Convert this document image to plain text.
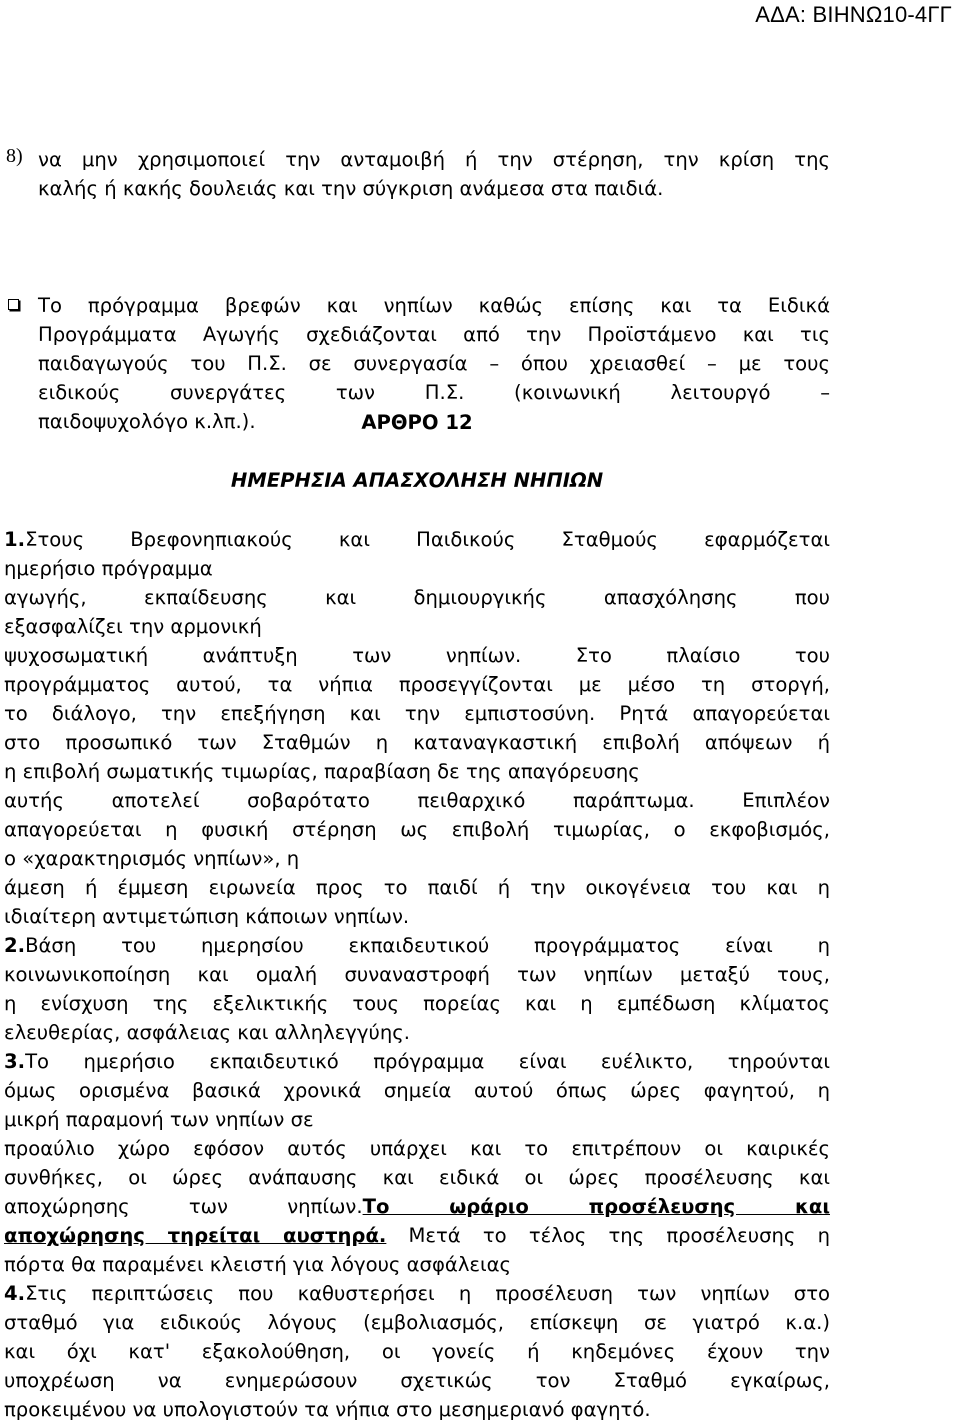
ΑΔΑ: ΒΙΗΝΩ10-4ΓΓ
8) να μην χρησιμοποιεί την ανταμοιβή ή την στέρηση, την κρίση της
καλής ή κακής δουλειάς και την σύγκριση ανάμεσα στα παιδιά.
Το πρόγραμμα βρεφών και νηπίων καθώς επίσης και τα Ειδικά
Προγράμματα Αγωγής σχεδιάζονται από την Προϊστάμενο και τις
παιδαγωγούς του Π.Σ. σε συνεργασία – όπου χρειασθεί – με τους
ειδικούς συνεργάτες των Π.Σ. (κοινωνική λειτουργό –
παιδοψυχολόγο κ.λπ.).	ΑΡΘΡΟ 12
ΗΜΕΡΗΣΙΑ ΑΠΑΣΧΟΛΗΣΗ ΝΗΠΙΩΝ
1.Στους Βρεφονηπιακούς και Παιδικούς Σταθμούς εφαρμόζεται
ημερήσιο πρόγραμμα
αγωγής, εκπαίδευσης και δημιουργικής απασχόλησης που
εξασφαλίζει την αρμονική
ψυχοσωματική ανάπτυξη των νηπίων. Στο πλαίσιο του
προγράμματος αυτού, τα νήπια προσεγγίζονται με μέσο τη στοργή,
το διάλογο, την επεξήγηση και την εμπιστοσύνη. Ρητά απαγορεύεται
στο προσωπικό των Σταθμών η καταναγκαστική επιβολή απόψεων ή
η επιβολή σωματικής τιμωρίας, παραβίαση δε της απαγόρευσης
αυτής αποτελεί σοβαρότατο πειθαρχικό παράπτωμα. Επιπλέον
απαγορεύεται η φυσική στέρηση ως επιβολή τιμωρίας, ο εκφοβισμός,
ο «χαρακτηρισμός νηπίων», η
άμεση ή έμμεση ειρωνεία προς το παιδί ή την οικογένεια του και η
ιδιαίτερη αντιμετώπιση κάποιων νηπίων.
2.Βάση του ημερησίου εκπαιδευτικού προγράμματος είναι η
κοινωνικοποίηση και ομαλή συναναστροφή των νηπίων μεταξύ τους,
η ενίσχυση της εξελικτικής τους πορείας και η εμπέδωση κλίματος
ελευθερίας, ασφάλειας και αλληλεγγύης.
3.Το ημερήσιο εκπαιδευτικό πρόγραμμα είναι ευέλικτο, τηρούνται
όμως ορισμένα βασικά χρονικά σημεία αυτού όπως ώρες φαγητού, η
μικρή παραμονή των νηπίων σε
προαύλιο χώρο εφόσον αυτός υπάρχει και το επιτρέπουν οι καιρικές
συνθήκες, οι ώρες ανάπαυσης και ειδικά οι ώρες προσέλευσης και
αποχώρησης των νηπίων.Το ωράριο προσέλευσης και
αποχώρησης τηρείται αυστηρά. Μετά το τέλος της προσέλευσης η
πόρτα θα παραμένει κλειστή για λόγους ασφάλειας
4.Στις περιπτώσεις που καθυστερήσει η προσέλευση των νηπίων στο
σταθμό για ειδικούς λόγους (εμβολιασμός, επίσκεψη σε γιατρό κ.α.)
και όχι κατ' εξακολούθηση, οι γονείς ή κηδεμόνες έχουν την
υποχρέωση να ενημερώσουν σχετικώς τον Σταθμό εγκαίρως,
προκειμένου να υπολογιστούν τα νήπια στο μεσημεριανό φαγητό.
